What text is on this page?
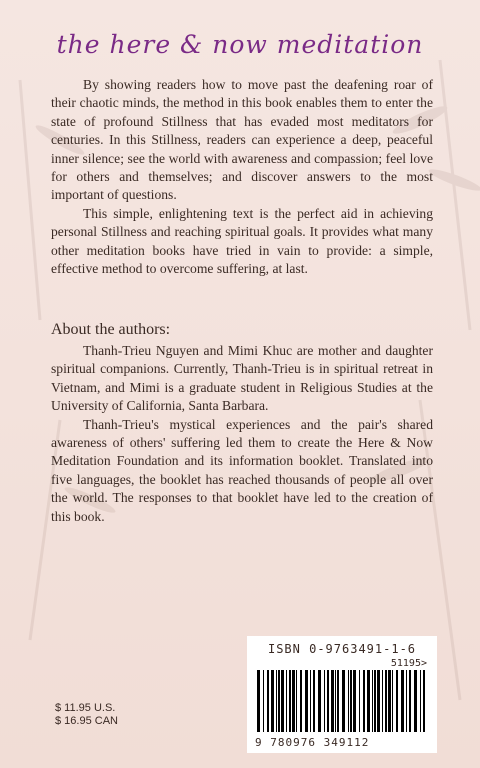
the here & now meditation

By showing readers how to move past the deafening roar of their chaotic minds, the method in this book enables them to enter the state of profound Stillness that has evaded most meditators for centuries. In this Stillness, readers can experience a deep, peaceful inner silence; see the world with awareness and compassion; feel love for others and themselves; and discover answers to the most important of questions.

This simple, enlightening text is the perfect aid in achieving personal Stillness and reaching spiritual goals. It provides what many other meditation books have tried in vain to provide: a simple, effective method to overcome suffering, at last.

About the authors:

Thanh-Trieu Nguyen and Mimi Khuc are mother and daughter spiritual companions. Currently, Thanh-Trieu is in spiritual retreat in Vietnam, and Mimi is a graduate student in Religious Studies at the University of California, Santa Barbara.

Thanh-Trieu's mystical experiences and the pair's shared awareness of others' suffering led them to create the Here & Now Meditation Foundation and its information booklet. Translated into five languages, the booklet has reached thousands of people all over the world. The responses to that booklet have led to the creation of this book.

ISBN 0-9763491-1-6
51195>
9 780976 349112
$ 11.95 U.S.
$ 16.95 CAN
